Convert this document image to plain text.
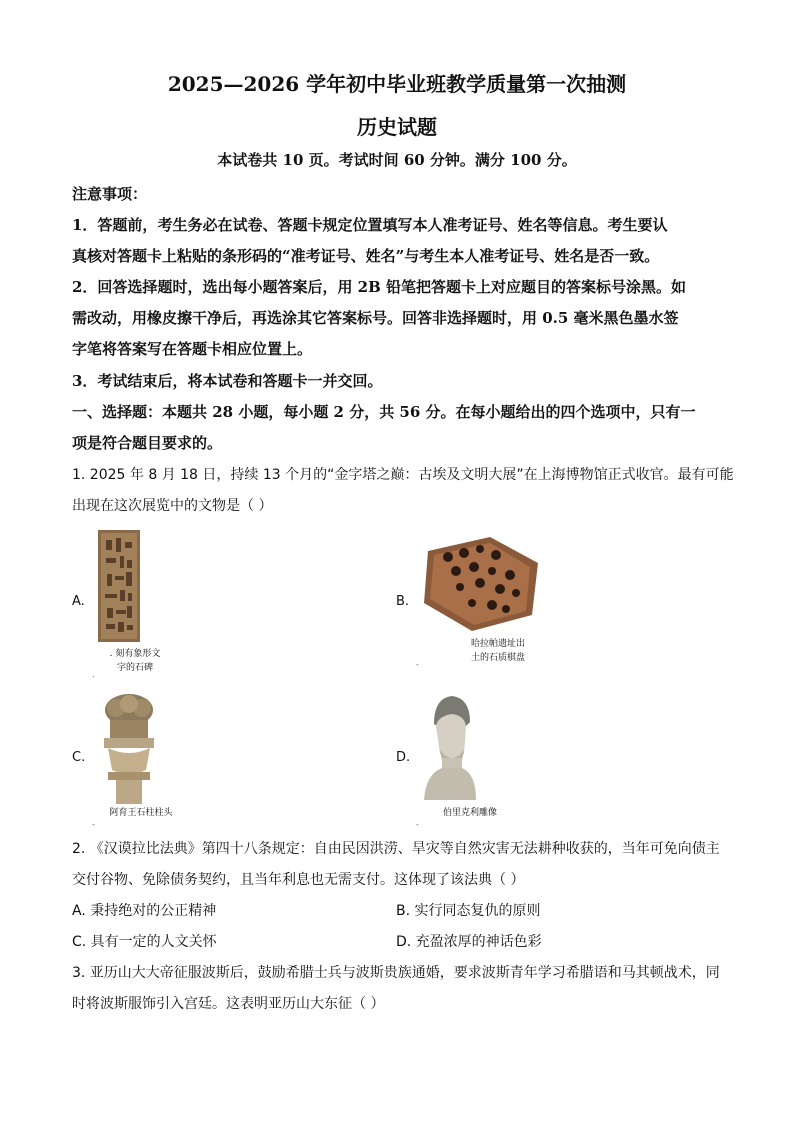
2025—2026 学年初中毕业班教学质量第一次抽测
历史试题
本试卷共 10 页。考试时间 60 分钟。满分 100 分。
注意事项：
1．答题前，考生务必在试卷、答题卡规定位置填写本人准考证号、姓名等信息。考生要认
真核对答题卡上粘贴的条形码的“准考证号、姓名”与考生本人准考证号、姓名是否一致。
2．回答选择题时，选出每小题答案后，用 2B 铅笔把答题卡上对应题目的答案标号涂黑。如
需改动，用橡皮擦干净后，再选涂其它答案标号。回答非选择题时，用 0.5 毫米黑色墨水签
字笔将答案写在答题卡相应位置上。
3．考试结束后，将本试卷和答题卡一并交回。
一、选择题：本题共 28 小题，每小题 2 分，共 56 分。在每小题给出的四个选项中，只有一
项是符合题目要求的。
1. 2025 年 8 月 18 日，持续 13 个月的“金字塔之巅：古埃及文明大展”在上海博物馆正式收官。最有可能
出现在这次展览中的文物是（ ）
A.
. 刻有象形文
字的石碑
.
B.
哈拉帕遗址出
土的石质棋盘
-
C.
阿育王石柱柱头
-
D.
伯里克利雕像
-
2. 《汉谟拉比法典》第四十八条规定：自由民因洪涝、旱灾等自然灾害无法耕种收获的，当年可免向债主
交付谷物、免除债务契约，且当年利息也无需支付。这体现了该法典（ ）
A. 秉持绝对的公正精神	B. 实行同态复仇的原则
C. 具有一定的人文关怀	D. 充盈浓厚的神话色彩
3. 亚历山大大帝征服波斯后，鼓励希腊士兵与波斯贵族通婚，要求波斯青年学习希腊语和马其顿战术，同
时将波斯服饰引入宫廷。这表明亚历山大东征（ ）
